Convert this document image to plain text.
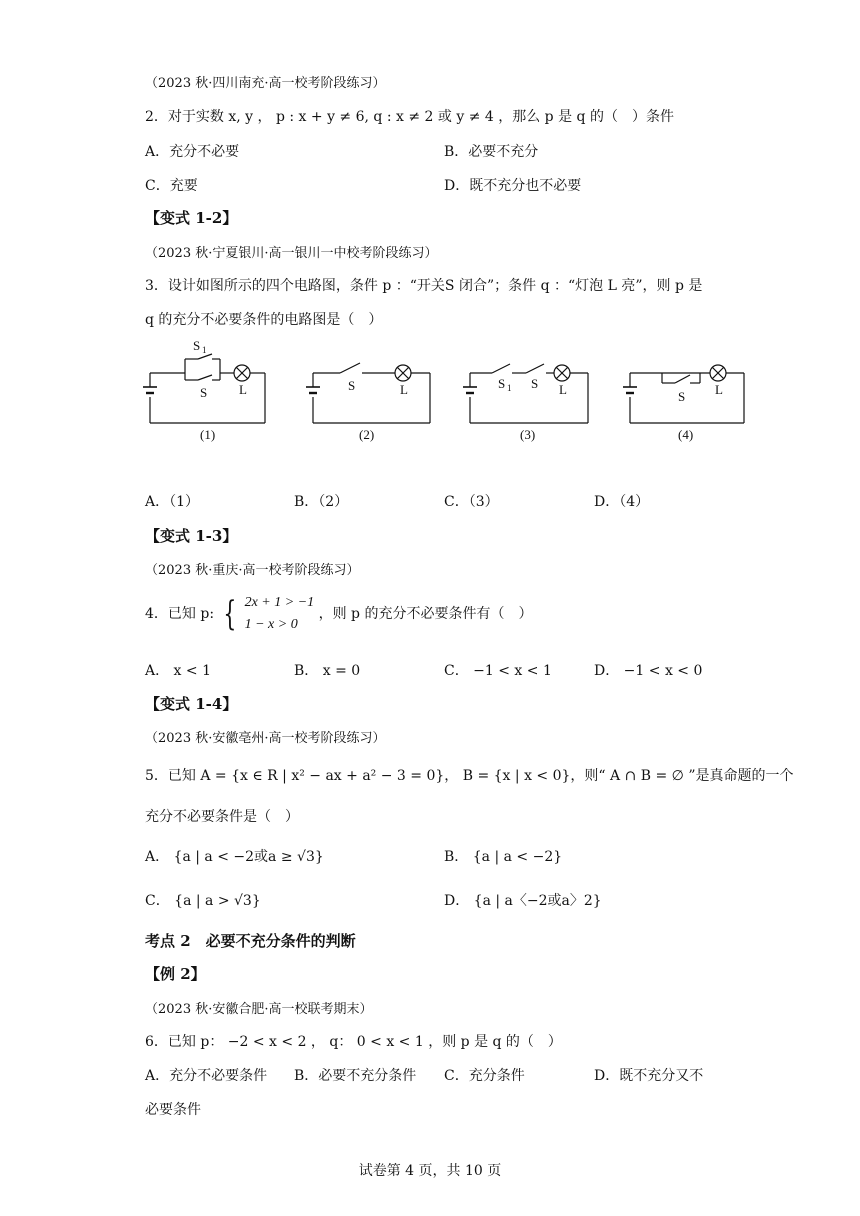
（2023 秋·四川南充·高一校考阶段练习）
2．对于实数 x, y ， p : x + y ≠ 6, q : x ≠ 2 或 y ≠ 4 ，那么 p 是 q 的（　）条件
A．充分不必要	B．必要不充分
C．充要	D．既不充分也不必要
【变式 1-2】
（2023 秋·宁夏银川·高一银川一中校考阶段练习）
3．设计如图所示的四个电路图，条件 p ：“开关S 闭合”；条件 q ：“灯泡 L 亮”，则 p 是
q 的充分不必要条件的电路图是（　）
S 1
S L
(1)
S	L
(2)
S 1 S L
(3)
S L
(4)
A．（1）	B．（2）	C．（3）	D．（4）
【变式 1-3】
（2023 秋·重庆·高一校考阶段练习）
4．已知 p: { 2x + 1 > −1
1 − x > 0 ，则 p 的充分不必要条件有（　）
A． x < 1	B． x = 0	C． −1 < x < 1	D． −1 < x < 0
【变式 1-4】
（2023 秋·安徽亳州·高一校考阶段练习）
5．已知 A = {x ∈ R | x² − ax + a² − 3 = 0}， B = {x | x < 0}，则“ A ∩ B = ∅ ”是真命题的一个
充分不必要条件是（　）
A． {a | a < −2或a ≥ √3}	B． {a | a < −2}
C． {a | a > √3}	D． {a | a〈−2或a〉2}
考点 2　必要不充分条件的判断
【例 2】
（2023 秋·安徽合肥·高一校联考期末）
6．已知 p： −2 < x < 2 ， q： 0 < x < 1 ，则 p 是 q 的（　）
A．充分不必要条件 B．必要不充分条件 C．充分条件	D．既不充分又不
必要条件
试卷第 4 页，共 10 页
